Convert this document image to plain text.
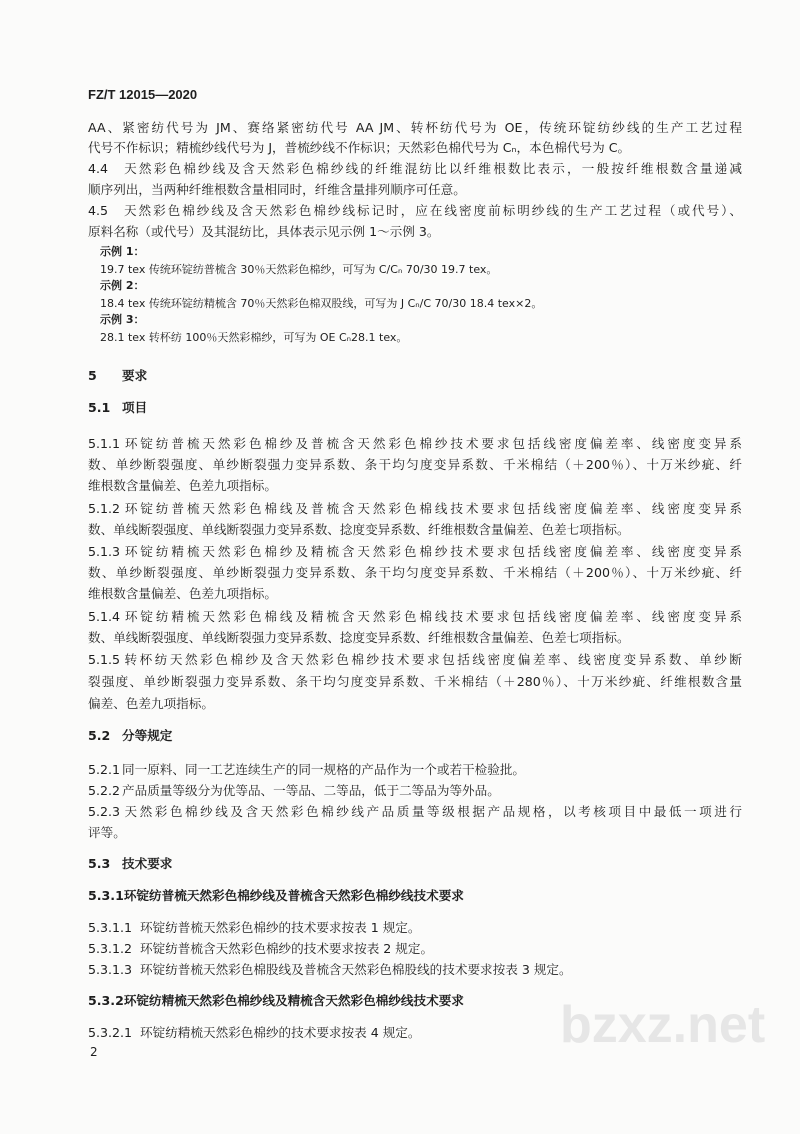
FZ/T 12015—2020
AA、紧密纺代号为 JM、赛络紧密纺代号 AA JM、转杯纺代号为 OE，传统环锭纺纱线的生产工艺过程
代号不作标识；精梳纱线代号为 J，普梳纱线不作标识；天然彩色棉代号为 Cₙ，本色棉代号为 C。
4.4 天然彩色棉纱线及含天然彩色棉纱线的纤维混纺比以纤维根数比表示，一般按纤维根数含量递减
顺序列出，当两种纤维根数含量相同时，纤维含量排列顺序可任意。
4.5 天然彩色棉纱线及含天然彩色棉纱线标记时，应在线密度前标明纱线的生产工艺过程（或代号）、
原料名称（或代号）及其混纺比，具体表示见示例 1～示例 3。
示例 1：
19.7 tex 传统环锭纺普梳含 30％天然彩色棉纱，可写为 C/Cₙ 70/30 19.7 tex。
示例 2：
18.4 tex 传统环锭纺精梳含 70％天然彩色棉双股线，可写为 J Cₙ/C 70/30 18.4 tex×2。
示例 3：
28.1 tex 转杯纺 100％天然彩棉纱，可写为 OE Cₙ28.1 tex。
5 要求
5.1 项目
5.1.1 环锭纺普梳天然彩色棉纱及普梳含天然彩色棉纱技术要求包括线密度偏差率、线密度变异系
数、单纱断裂强度、单纱断裂强力变异系数、条干均匀度变异系数、千米棉结（＋200％）、十万米纱疵、纤
维根数含量偏差、色差九项指标。
5.1.2 环锭纺普梳天然彩色棉线及普梳含天然彩色棉线技术要求包括线密度偏差率、线密度变异系
数、单线断裂强度、单线断裂强力变异系数、捻度变异系数、纤维根数含量偏差、色差七项指标。
5.1.3 环锭纺精梳天然彩色棉纱及精梳含天然彩色棉纱技术要求包括线密度偏差率、线密度变异系
数、单纱断裂强度、单纱断裂强力变异系数、条干均匀度变异系数、千米棉结（＋200％）、十万米纱疵、纤
维根数含量偏差、色差九项指标。
5.1.4 环锭纺精梳天然彩色棉线及精梳含天然彩色棉线技术要求包括线密度偏差率、线密度变异系
数、单线断裂强度、单线断裂强力变异系数、捻度变异系数、纤维根数含量偏差、色差七项指标。
5.1.5 转杯纺天然彩色棉纱及含天然彩色棉纱技术要求包括线密度偏差率、线密度变异系数、单纱断
裂强度、单纱断裂强力变异系数、条干均匀度变异系数、千米棉结（＋280％）、十万米纱疵、纤维根数含量
偏差、色差九项指标。
5.2 分等规定
5.2.1 同一原料、同一工艺连续生产的同一规格的产品作为一个或若干检验批。
5.2.2 产品质量等级分为优等品、一等品、二等品，低于二等品为等外品。
5.2.3 天然彩色棉纱线及含天然彩色棉纱线产品质量等级根据产品规格，以考核项目中最低一项进行
评等。
5.3 技术要求
5.3.1环锭纺普梳天然彩色棉纱线及普梳含天然彩色棉纱线技术要求
5.3.1.1 环锭纺普梳天然彩色棉纱的技术要求按表 1 规定。
5.3.1.2 环锭纺普梳含天然彩色棉纱的技术要求按表 2 规定。
5.3.1.3 环锭纺普梳天然彩色棉股线及普梳含天然彩色棉股线的技术要求按表 3 规定。
5.3.2环锭纺精梳天然彩色棉纱线及精梳含天然彩色棉纱线技术要求
5.3.2.1 环锭纺精梳天然彩色棉纱的技术要求按表 4 规定。
2	bzxz.net
